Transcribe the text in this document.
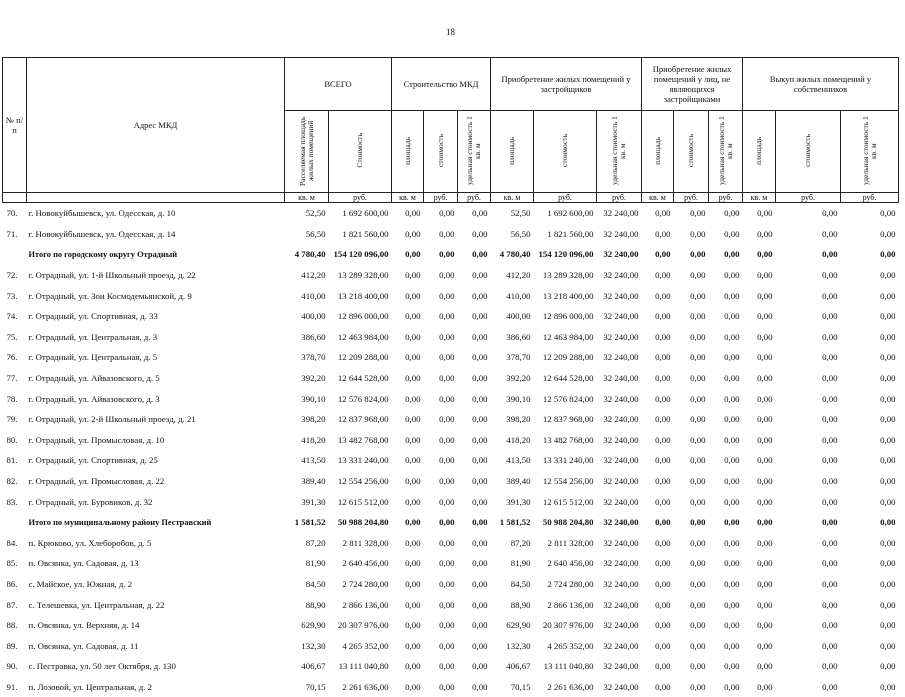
18
№ п/п	Адрес МКД	ВСЕГО		Строительство МКД			Приобретение жилых помещений у застройщиков			Приобретение жилых помещений у лиц, не являющихся застройщиками			Выкуп жилых помещений у собственников		
		Расселяемая площадь жилых помещений	Стоимость	площадь	стоимость	удельная стоимость 1 кв. м	площадь	стоимость	удельная стоимость 1 кв. м	площадь	стоимость	удельная стоимость 1 кв. м	площадь	стоимость	удельная стоимость 1 кв. м
		кв. м	руб.	кв. м	руб.	руб.	кв. м	руб.	руб.	кв. м	руб.	руб.	кв. м	руб.	руб.
70.	г. Новокуйбышевск, ул. Одесская, д. 10	52,50	1 692 600,00	0,00	0,00	0,00	52,50	1 692 600,00	32 240,00	0,00	0,00	0,00	0,00	0,00	0,00
71.	г. Новокуйбышевск, ул. Одесская, д. 14	56,50	1 821 560,00	0,00	0,00	0,00	56,50	1 821 560,00	32 240,00	0,00	0,00	0,00	0,00	0,00	0,00
	Итого по городскому округу Отрадный	4 780,40	154 120 096,00	0,00	0,00	0,00	4 780,40	154 120 096,00	32 240,00	0,00	0,00	0,00	0,00	0,00	0,00
72.	г. Отрадный, ул. 1-й Школьный проезд, д. 22	412,20	13 289 328,00	0,00	0,00	0,00	412,20	13 289 328,00	32 240,00	0,00	0,00	0,00	0,00	0,00	0,00
73.	г. Отрадный, ул. Зои Космодемьянской, д. 9	410,00	13 218 400,00	0,00	0,00	0,00	410,00	13 218 400,00	32 240,00	0,00	0,00	0,00	0,00	0,00	0,00
74.	г. Отрадный, ул. Спортивная, д. 33	400,00	12 896 000,00	0,00	0,00	0,00	400,00	12 896 000,00	32 240,00	0,00	0,00	0,00	0,00	0,00	0,00
75.	г. Отрадный, ул. Центральная, д. 3	386,60	12 463 984,00	0,00	0,00	0,00	386,60	12 463 984,00	32 240,00	0,00	0,00	0,00	0,00	0,00	0,00
76.	г. Отрадный, ул. Центральная, д. 5	378,70	12 209 288,00	0,00	0,00	0,00	378,70	12 209 288,00	32 240,00	0,00	0,00	0,00	0,00	0,00	0,00
77.	г. Отрадный, ул. Айвазовского, д. 5	392,20	12 644 528,00	0,00	0,00	0,00	392,20	12 644 528,00	32 240,00	0,00	0,00	0,00	0,00	0,00	0,00
78.	г. Отрадный, ул. Айвазовского, д. 3	390,10	12 576 824,00	0,00	0,00	0,00	390,10	12 576 824,00	32 240,00	0,00	0,00	0,00	0,00	0,00	0,00
79.	г. Отрадный, ул. 2-й Школьный проезд, д. 21	398,20	12 837 968,00	0,00	0,00	0,00	398,20	12 837 968,00	32 240,00	0,00	0,00	0,00	0,00	0,00	0,00
80.	г. Отрадный, ул. Промысловая, д. 10	418,20	13 482 768,00	0,00	0,00	0,00	418,20	13 482 768,00	32 240,00	0,00	0,00	0,00	0,00	0,00	0,00
81.	г. Отрадный, ул. Спортивная, д. 25	413,50	13 331 240,00	0,00	0,00	0,00	413,50	13 331 240,00	32 240,00	0,00	0,00	0,00	0,00	0,00	0,00
82.	г. Отрадный, ул. Промысловая, д. 22	389,40	12 554 256,00	0,00	0,00	0,00	389,40	12 554 256,00	32 240,00	0,00	0,00	0,00	0,00	0,00	0,00
83.	г. Отрадный, ул. Буровиков, д. 32	391,30	12 615 512,00	0,00	0,00	0,00	391,30	12 615 512,00	32 240,00	0,00	0,00	0,00	0,00	0,00	0,00
	Итого по муниципальному району Пестравский	1 581,52	50 988 204,80	0,00	0,00	0,00	1 581,52	50 988 204,80	32 240,00	0,00	0,00	0,00	0,00	0,00	0,00
84.	п. Крюково, ул. Хлеборобов, д. 5	87,20	2 811 328,00	0,00	0,00	0,00	87,20	2 811 328,00	32 240,00	0,00	0,00	0,00	0,00	0,00	0,00
85.	п. Овсянка, ул. Садовая, д. 13	81,90	2 640 456,00	0,00	0,00	0,00	81,90	2 640 456,00	32 240,00	0,00	0,00	0,00	0,00	0,00	0,00
86.	с. Майское, ул. Южная, д. 2	84,50	2 724 280,00	0,00	0,00	0,00	84,50	2 724 280,00	32 240,00	0,00	0,00	0,00	0,00	0,00	0,00
87.	с. Телешевка, ул. Центральная, д. 22	88,90	2 866 136,00	0,00	0,00	0,00	88,90	2 866 136,00	32 240,00	0,00	0,00	0,00	0,00	0,00	0,00
88.	п. Овсянка, ул. Верхняя, д. 14	629,90	20 307 976,00	0,00	0,00	0,00	629,90	20 307 976,00	32 240,00	0,00	0,00	0,00	0,00	0,00	0,00
89.	п. Овсянка, ул. Садовая, д. 11	132,30	4 265 352,00	0,00	0,00	0,00	132,30	4 265 352,00	32 240,00	0,00	0,00	0,00	0,00	0,00	0,00
90.	с. Пестравка, ул. 50 лет Октября, д. 130	406,67	13 111 040,80	0,00	0,00	0,00	406,67	13 111 040,80	32 240,00	0,00	0,00	0,00	0,00	0,00	0,00
91.	п. Лозовой, ул. Центральная, д. 2	70,15	2 261 636,00	0,00	0,00	0,00	70,15	2 261 636,00	32 240,00	0,00	0,00	0,00	0,00	0,00	0,00
